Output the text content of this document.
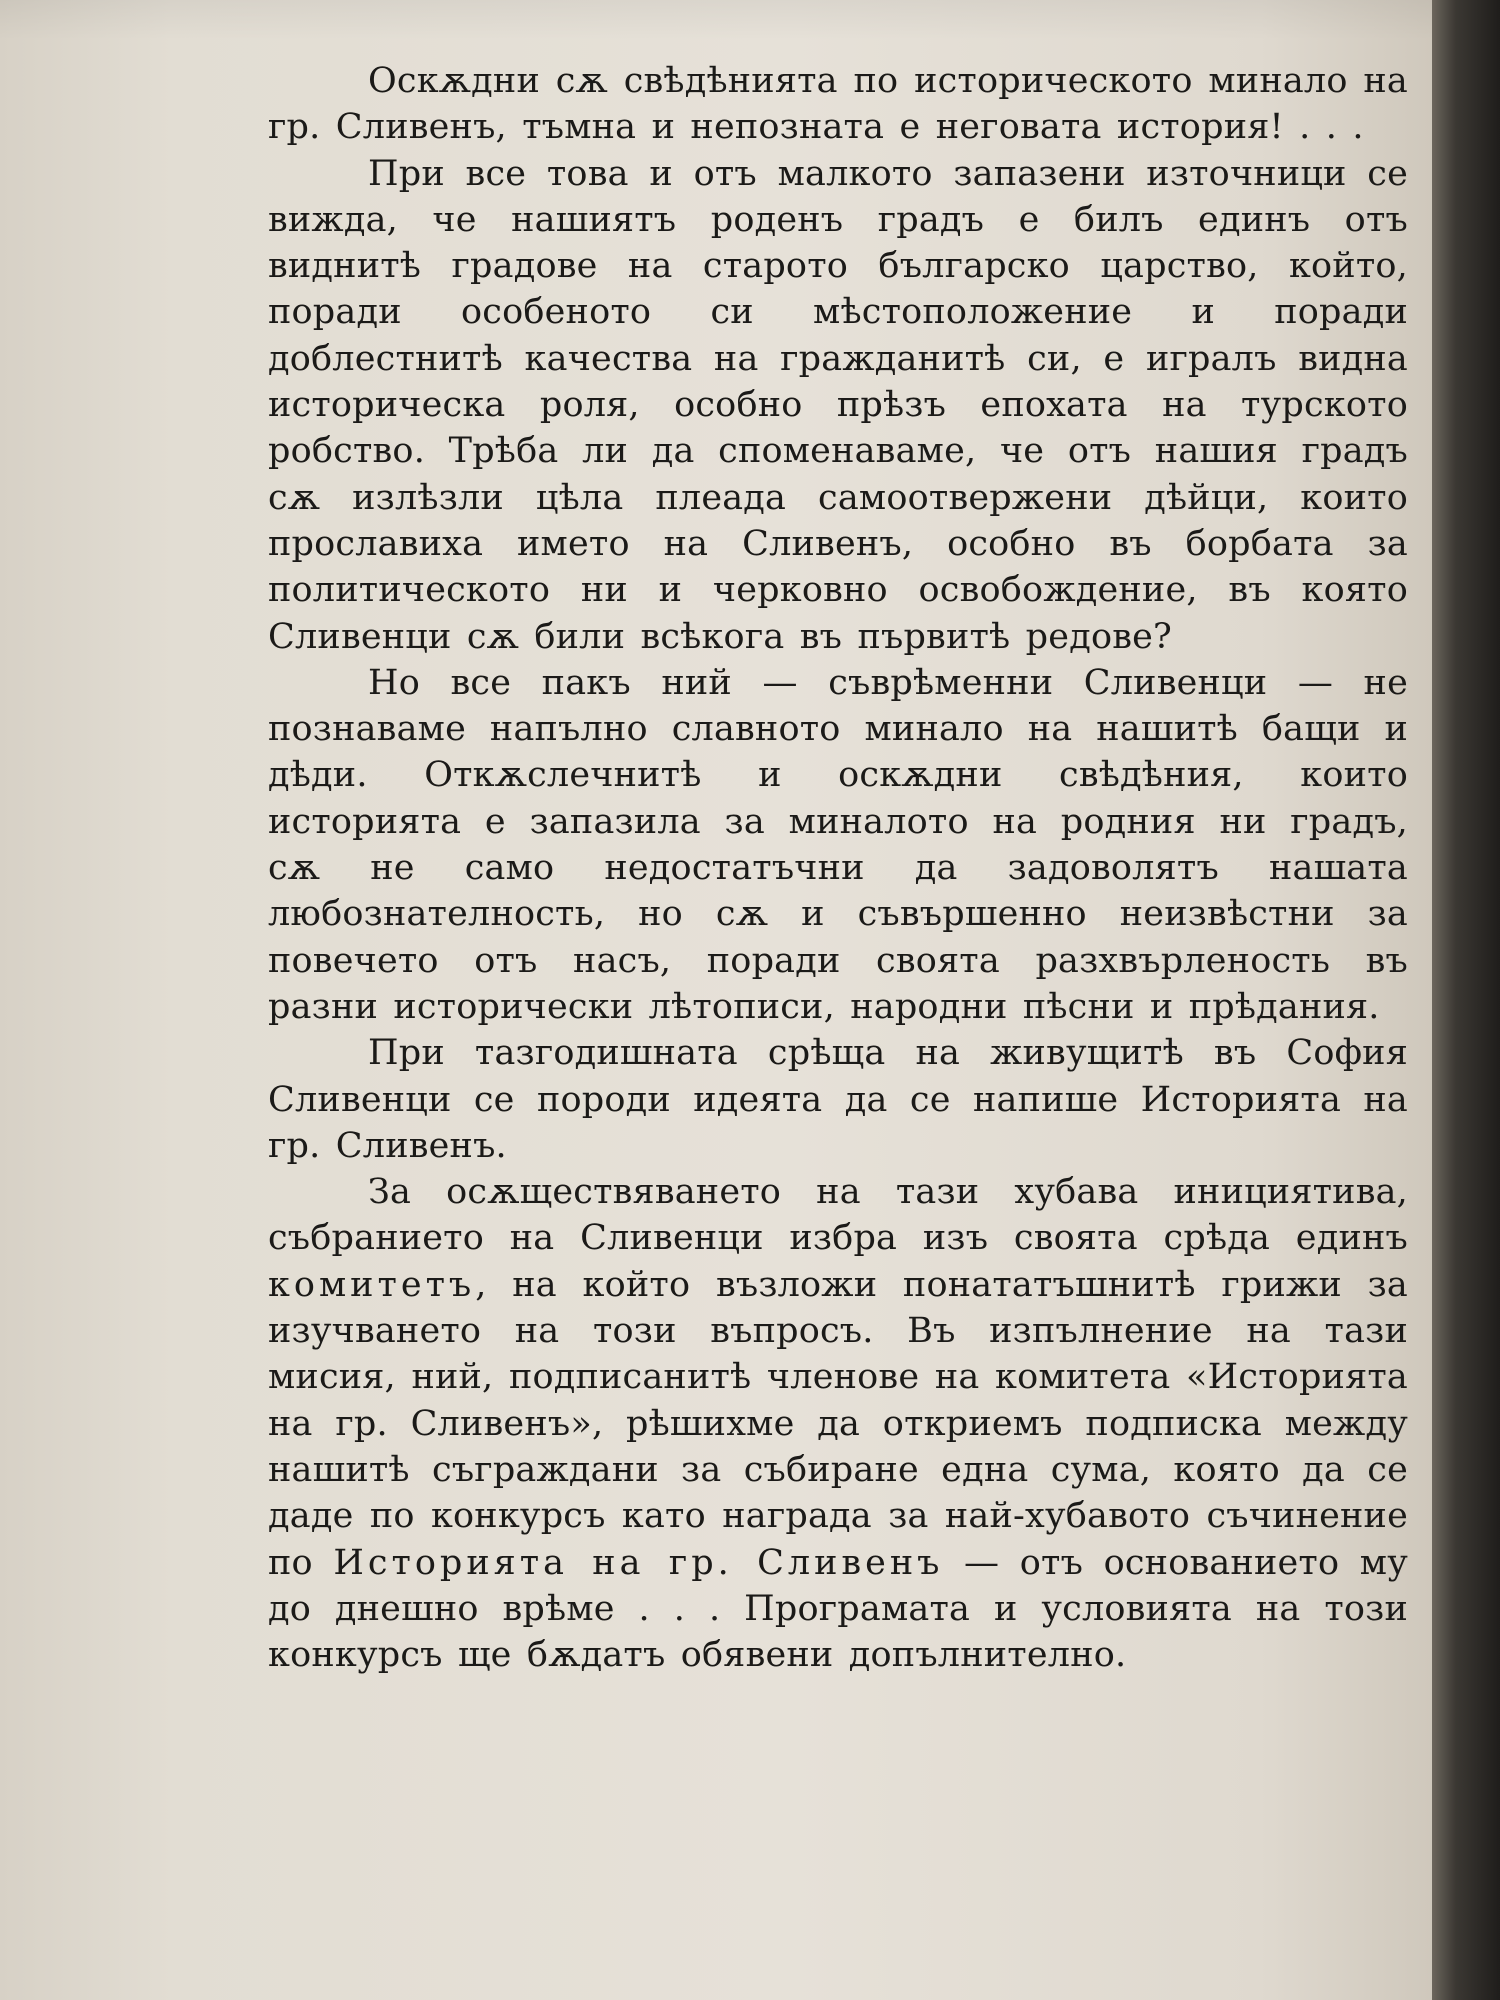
Оскѫдни сѫ свѣдѣнията по историческото минало на гр. Сливенъ, тъмна и непозната е неговата история! . . .

При все това и отъ малкото запазени източници се вижда, че нашиятъ роденъ градъ е билъ единъ отъ виднитѣ градове на старото българско царство, който, поради особеното си мѣстоположение и поради доблестнитѣ качества на гражданитѣ си, е игралъ видна историческа роля, особно прѣзъ епохата на турското робство. Трѣба ли да споменаваме, че отъ нашия градъ сѫ излѣзли цѣла плеада самоотвержени дѣйци, които прославиха името на Сливенъ, особно въ борбата за политическото ни и черковно освобождение, въ която Сливенци сѫ били всѣкога въ първитѣ редове?

Но все пакъ ний — съврѣменни Сливенци — не познаваме напълно славното минало на нашитѣ бащи и дѣди. Откѫслечнитѣ и оскѫдни свѣдѣния, които историята е запазила за миналото на родния ни градъ, сѫ не само недостатъчни да задоволятъ нашата любознателность, но сѫ и съвършенно неизвѣстни за повечето отъ насъ, поради своята разхвърленость въ разни исторически лѣтописи, народни пѣсни и прѣдания.

При тазгодишната срѣща на живущитѣ въ София Сливенци се породи идеята да се напише Историята на гр. Сливенъ.

За осѫществяването на тази хубава инициятива, събранието на Сливенци избра изъ своята срѣда единъ комитетъ, на който възложи понататъшнитѣ грижи за изучването на този въпросъ. Въ изпълнение на тази мисия, ний, подписанитѣ членове на комитета «Историята на гр. Сливенъ», рѣшихме да откриемъ подписка между нашитѣ съграждани за събиране една сума, която да се даде по конкурсъ като награда за най-хубавото съчинение по Историята на гр. Сливенъ — отъ основанието му до днешно врѣме . . . Програмата и условията на този конкурсъ ще бѫдатъ обявени допълнително.
